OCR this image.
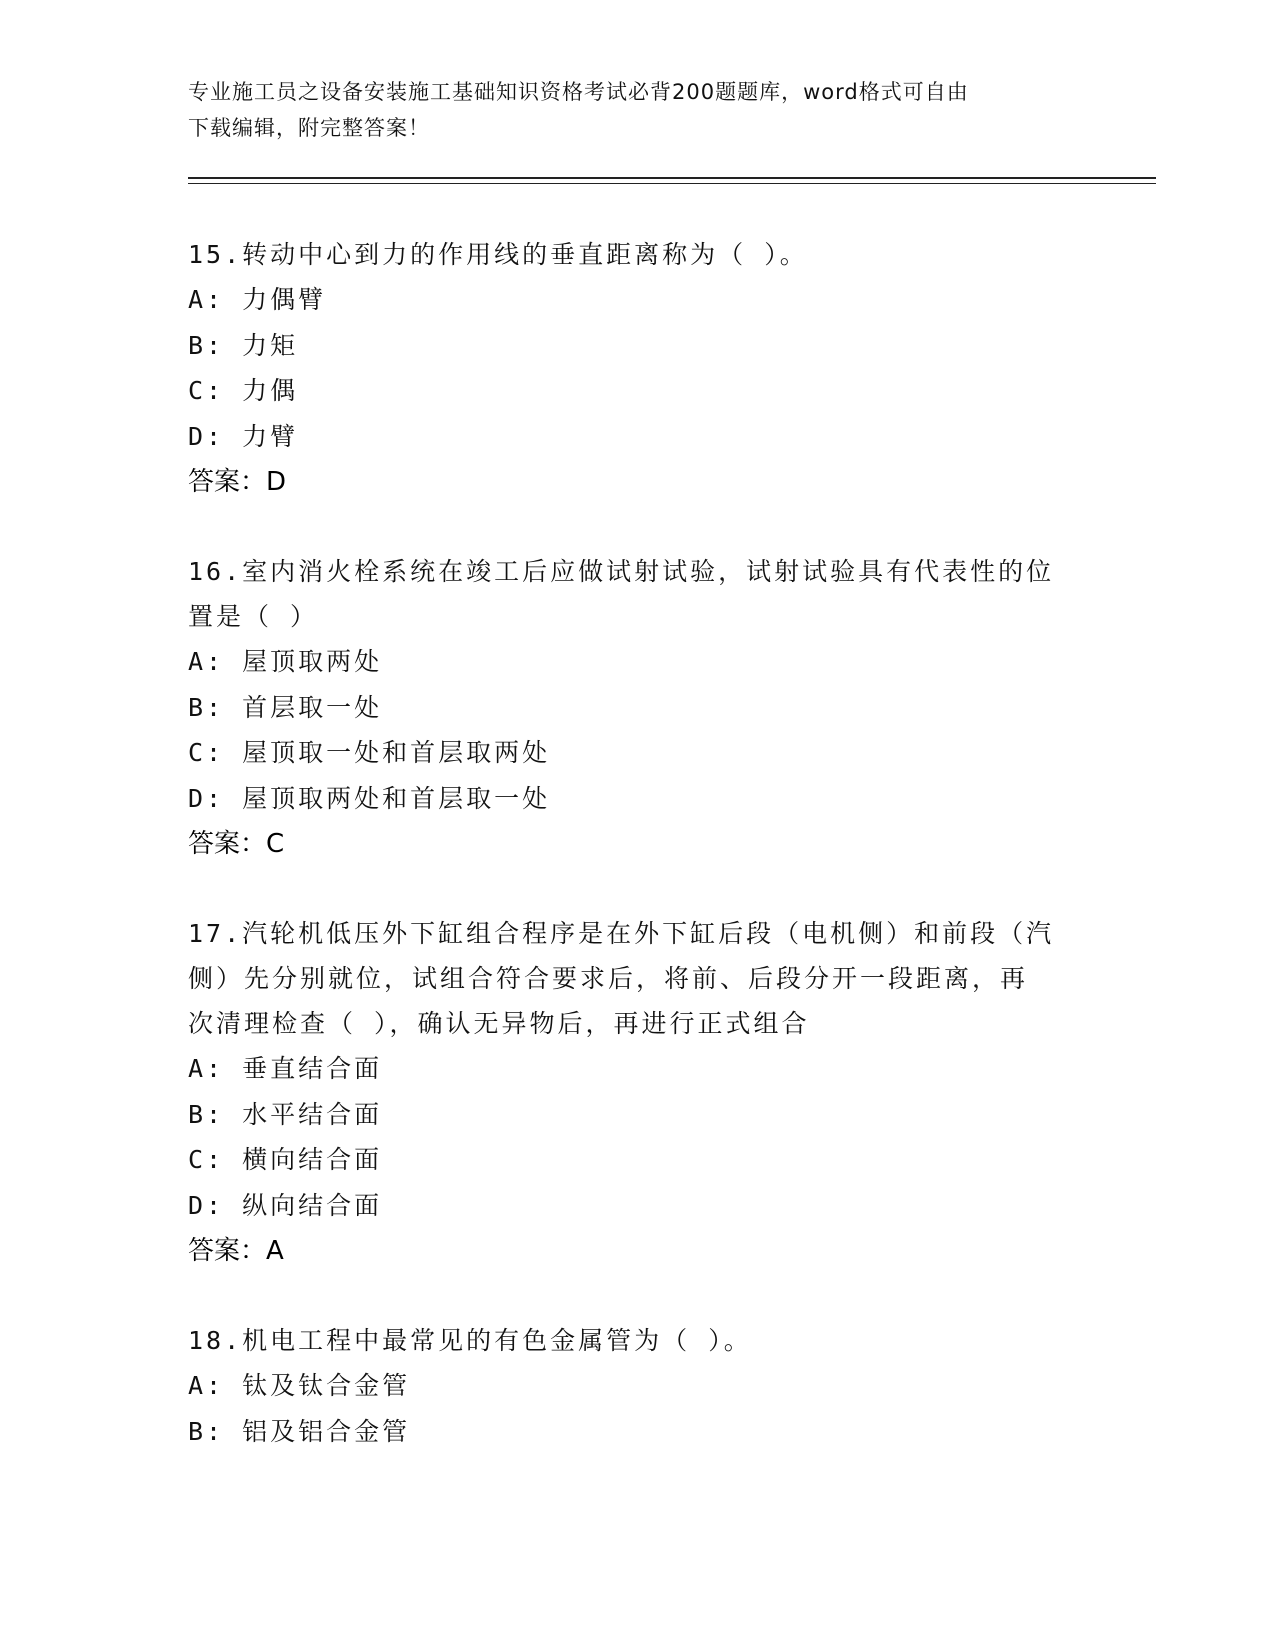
专业施工员之设备安装施工基础知识资格考试必背200题题库，word格式可自由
下载编辑，附完整答案！
15.转动中心到力的作用线的垂直距离称为（ ）。
A: 力偶臂
B: 力矩
C: 力偶
D: 力臂
答案：D
16.室内消火栓系统在竣工后应做试射试验，试射试验具有代表性的位
置是（ ）
A: 屋顶取两处
B: 首层取一处
C: 屋顶取一处和首层取两处
D: 屋顶取两处和首层取一处
答案：C
17.汽轮机低压外下缸组合程序是在外下缸后段（电机侧）和前段（汽
侧）先分别就位，试组合符合要求后，将前、后段分开一段距离，再
次清理检查（ ），确认无异物后，再进行正式组合
A: 垂直结合面
B: 水平结合面
C: 横向结合面
D: 纵向结合面
答案：A
18.机电工程中最常见的有色金属管为（ ）。
A: 钛及钛合金管
B: 铝及铝合金管
